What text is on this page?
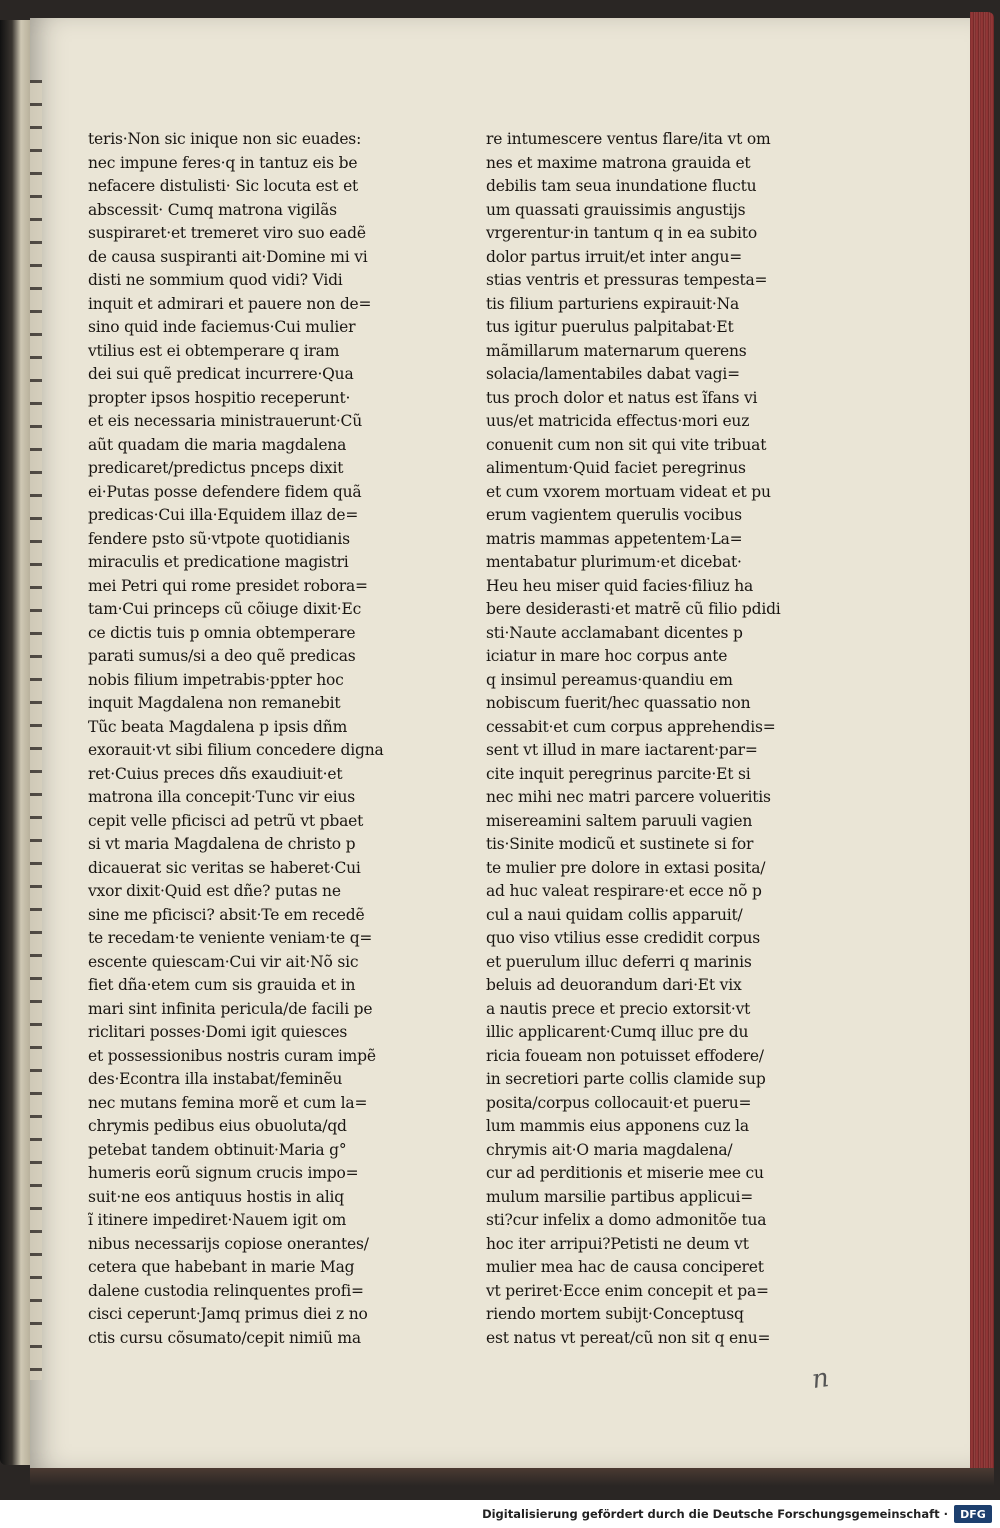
teris·Non sic inique non sic euades:
nec impune feres·q in tantuz eis be
nefacere distulisti· Sic locuta est et
abscessit· Cumq matrona vigilãs
suspiraret·et tremeret viro suo eadẽ
de causa suspiranti ait·Domine mi vi
disti ne sommium quod vidi? Vidi
inquit et admirari et pauere non de=
sino quid inde faciemus·Cui mulier
vtilius est ei obtemperare q iram
dei sui quẽ predicat incurrere·Qua
propter ipsos hospitio receperunt·
et eis necessaria ministrauerunt·Cũ
aũt quadam die maria magdalena
predicaret/predictus pnceps dixit
ei·Putas posse defendere fidem quã
predicas·Cui illa·Equidem illaz de=
fendere psto sũ·vtpote quotidianis
miraculis et predicatione magistri
mei Petri qui rome presidet robora=
tam·Cui princeps cũ cõiuge dixit·Ec
ce dictis tuis p omnia obtemperare
parati sumus/si a deo quẽ predicas
nobis filium impetrabis·ppter hoc
inquit Magdalena non remanebit
Tũc beata Magdalena p ipsis dñm
exorauit·vt sibi filium concedere digna
ret·Cuius preces dñs exaudiuit·et
matrona illa concepit·Tunc vir eius
cepit velle pficisci ad petrũ vt pbaet
si vt maria Magdalena de christo p
dicauerat sic veritas se haberet·Cui
vxor dixit·Quid est dñe? putas ne
sine me pficisci? absit·Te em recedẽ
te recedam·te veniente veniam·te q=
escente quiescam·Cui vir ait·Nõ sic
fiet dña·etem cum sis grauida et in
mari sint infinita pericula/de facili pe
riclitari posses·Domi igit quiesces
et possessionibus nostris curam impẽ
des·Econtra illa instabat/feminẽu
nec mutans femina morẽ et cum la=
chrymis pedibus eius obuoluta/qd
petebat tandem obtinuit·Maria g°
humeris eorũ signum crucis impo=
suit·ne eos antiquus hostis in aliq
ĩ itinere impediret·Nauem igit om
nibus necessarijs copiose onerantes/
cetera que habebant in marie Mag
dalene custodia relinquentes profi=
cisci ceperunt·Jamq primus diei z no
ctis cursu cõsumato/cepit nimiũ ma
re intumescere ventus flare/ita vt om
nes et maxime matrona grauida et
debilis tam seua inundatione fluctu
um quassati grauissimis angustijs
vrgerentur·in tantum q in ea subito
dolor partus irruit/et inter angu=
stias ventris et pressuras tempesta=
tis filium parturiens expirauit·Na
tus igitur puerulus palpitabat·Et
mãmillarum maternarum querens
solacia/lamentabiles dabat vagi=
tus proch dolor et natus est ĩfans vi
uus/et matricida effectus·mori euz
conuenit cum non sit qui vite tribuat
alimentum·Quid faciet peregrinus
et cum vxorem mortuam videat et pu
erum vagientem querulis vocibus
matris mammas appetentem·La=
mentabatur plurimum·et dicebat·
Heu heu miser quid facies·filiuz ha
bere desiderasti·et matrẽ cũ filio pdidi
sti·Naute acclamabant dicentes p
iciatur in mare hoc corpus ante
q insimul pereamus·quandiu em
nobiscum fuerit/hec quassatio non
cessabit·et cum corpus apprehendis=
sent vt illud in mare iactarent·par=
cite inquit peregrinus parcite·Et si
nec mihi nec matri parcere volueritis
misereamini saltem paruuli vagien
tis·Sinite modicũ et sustinete si for
te mulier pre dolore in extasi posita/
ad huc valeat respirare·et ecce nõ p
cul a naui quidam collis apparuit/
quo viso vtilius esse credidit corpus
et puerulum illuc deferri q marinis
beluis ad deuorandum dari·Et vix
a nautis prece et precio extorsit·vt
illic applicarent·Cumq illuc pre du
ricia foueam non potuisset effodere/
in secretiori parte collis clamide sup
posita/corpus collocauit·et pueru=
lum mammis eius apponens cuz la
chrymis ait·O maria magdalena/
cur ad perditionis et miserie mee cu
mulum marsilie partibus applicui=
sti?cur infelix a domo admonitõe tua
hoc iter arripui?Petisti ne deum vt
mulier mea hac de causa conciperet
vt periret·Ecce enim concepit et pa=
riendo mortem subijt·Conceptusq
est natus vt pereat/cũ non sit q enu=
n
Digitalisierung gefördert durch die Deutsche Forschungsgemeinschaft ·	DFG
